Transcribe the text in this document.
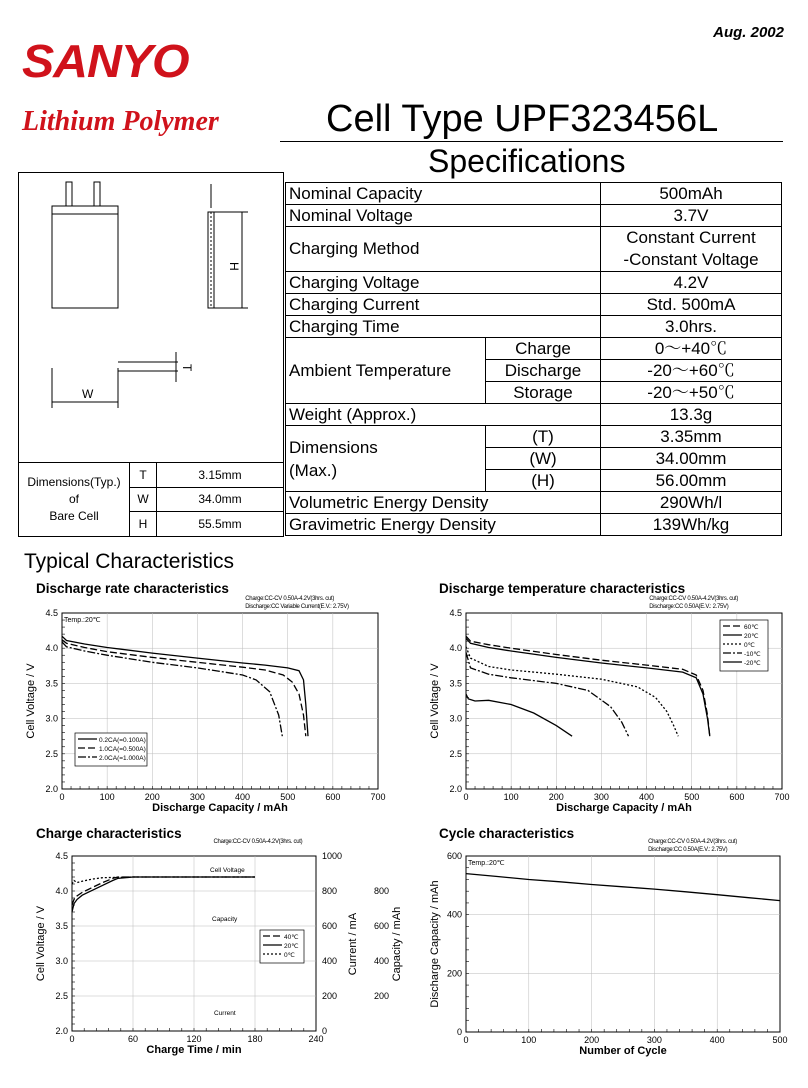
SANYO
Lithium Polymer
Aug. 2002
Cell Type UPF323456L
Specifications
H
T
W
Dimensions(Typ.)
of
Bare Cell	T	3.15mm
	W	34.0mm
	H	55.5mm
Nominal Capacity		500mAh
Nominal Voltage		3.7V
Charging Method		Constant Current
-Constant Voltage
Charging Voltage		4.2V
Charging Current		Std. 500mA
Charging Time		3.0hrs.
Ambient Temperature	Charge	0～+40℃
	Discharge	-20～+60℃
	Storage	-20～+50℃
Weight (Approx.)		13.3g
Dimensions
(Max.)	(T)	3.35mm
	(W)	34.00mm
	(H)	56.00mm
Volumetric Energy Density		290Wh/l
Gravimetric Energy Density		139Wh/kg
Typical Characteristics
Discharge rate characteristics	Discharge temperature characteristics
Charge characteristics	Cycle characteristics
0	100	200	300	400	500	600	700
2.0
2.5
3.0
3.5
4.0
4.5
Discharge Capacity / mAh
Cell Voltage / V
Charge:CC-CV 0.50A-4.2V(3hrs. cut)
Discharge:CC Variable Current(E.V.: 2.75V)
Temp.:20℃
0.2CA(=0.100A)
1.0CA(=0.500A)
2.0CA(=1.000A)
0	100	200	300	400	500	600	700
2.0
2.5
3.0
3.5
4.0
4.5
Discharge Capacity / mAh
Cell Voltage / V
Charge:CC-CV 0.50A-4.2V(3hrs. cut)
Discharge:CC 0.50A(E.V.: 2.75V)
60℃
20℃
0℃
-10℃
-20℃
0	60	120	180	240
2.0
2.5
3.0
3.5
4.0
4.5
Charge Time / min
Cell Voltage / V
Charge:CC-CV 0.50A-4.2V(3hrs. cut)
40℃
20℃
0℃
0
200
400
600
800
1000
200
400
600
800
Current / mA	Capacity / mAh
Cell Voltage
Capacity
Current
0	100	200	300	400	500
0
200
400
600
Number of Cycle
Discharge Capacity / mAh
Charge:CC-CV 0.50A-4.2V(3hrs. cut)
Discharge:CC 0.50A(E.V.: 2.75V)
Temp.:20℃
